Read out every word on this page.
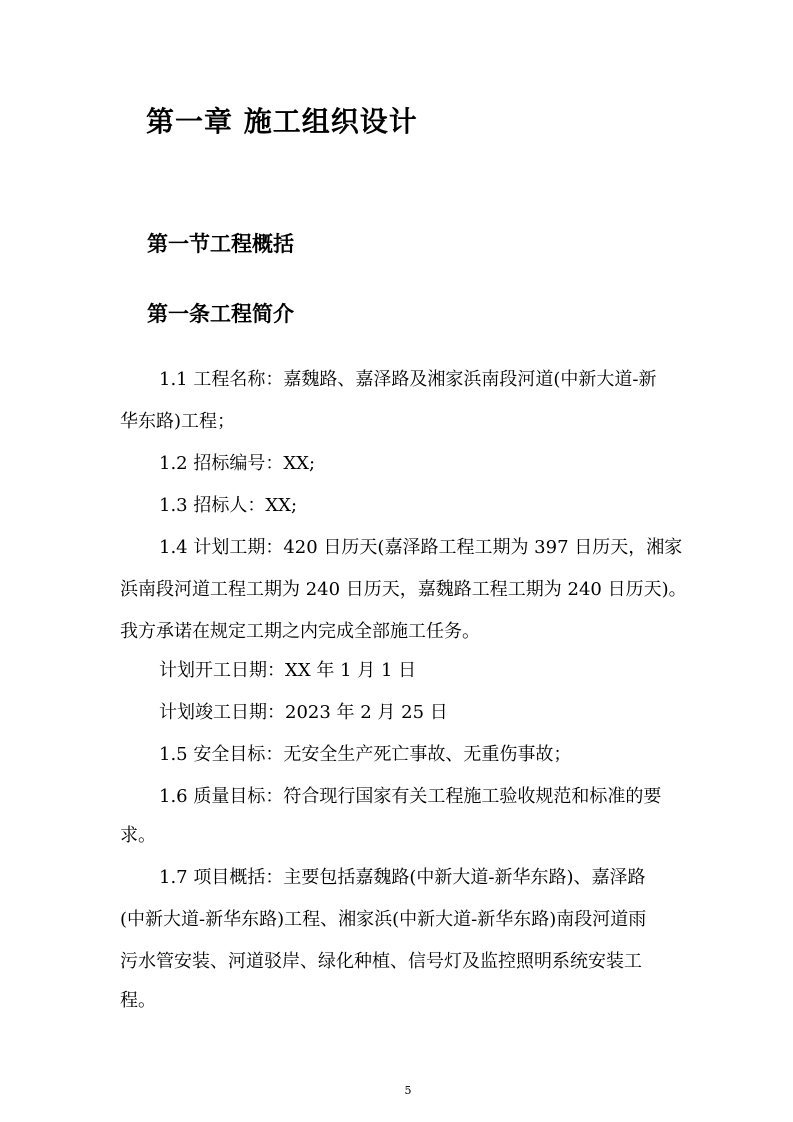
第一章 施工组织设计
第一节工程概括
第一条工程简介
1.1 工程名称：嘉魏路、嘉泽路及湘家浜南段河道(中新大道-新
华东路)工程；
1.2 招标编号：XX;
1.3 招标人：XX;
1.4 计划工期：420 日历天(嘉泽路工程工期为 397 日历天，湘家
浜南段河道工程工期为 240 日历天，嘉魏路工程工期为 240 日历天)。
我方承诺在规定工期之内完成全部施工任务。
计划开工日期：XX 年 1 月 1 日
计划竣工日期：2023 年 2 月 25 日
1.5 安全目标：无安全生产死亡事故、无重伤事故；
1.6 质量目标：符合现行国家有关工程施工验收规范和标准的要
求。
1.7 项目概括：主要包括嘉魏路(中新大道-新华东路)、嘉泽路
(中新大道-新华东路)工程、湘家浜(中新大道-新华东路)南段河道雨
污水管安装、河道驳岸、绿化种植、信号灯及监控照明系统安装工
程。
5
